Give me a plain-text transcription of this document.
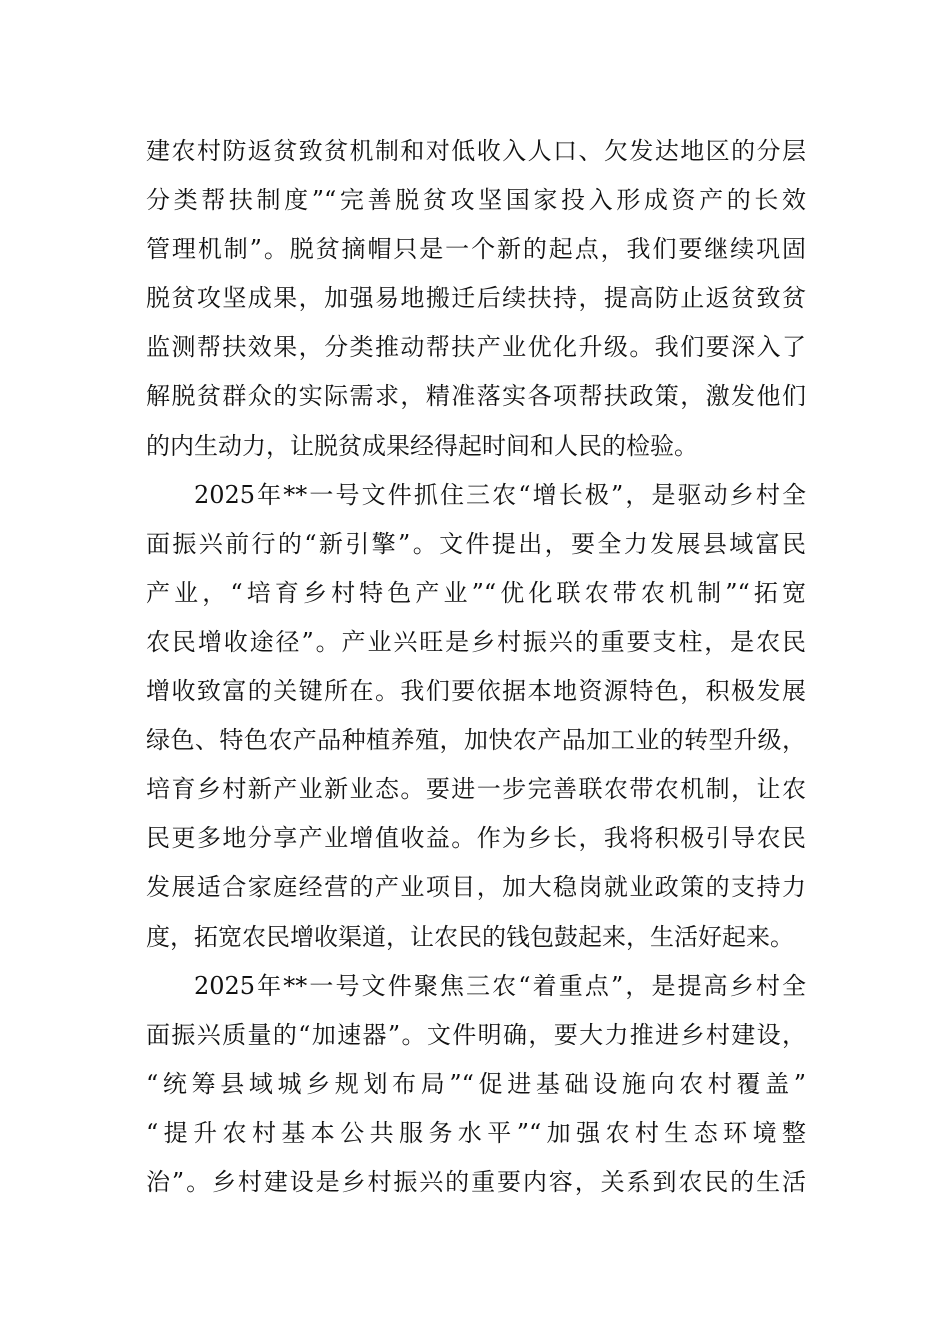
建农村防返贫致贫机制和对低收入人口、欠发达地区的分层
分类帮扶制度”“完善脱贫攻坚国家投入形成资产的长效
管理机制”。脱贫摘帽只是一个新的起点，我们要继续巩固
脱贫攻坚成果，加强易地搬迁后续扶持，提高防止返贫致贫
监测帮扶效果，分类推动帮扶产业优化升级。我们要深入了
解脱贫群众的实际需求，精准落实各项帮扶政策，激发他们
的内生动力，让脱贫成果经得起时间和人民的检验。
2025年**一号文件抓住三农“增长极”，是驱动乡村全
面振兴前行的“新引擎”。文件提出，要全力发展县域富民
产业，“培育乡村特色产业”“优化联农带农机制”“拓宽
农民增收途径”。产业兴旺是乡村振兴的重要支柱，是农民
增收致富的关键所在。我们要依据本地资源特色，积极发展
绿色、特色农产品种植养殖，加快农产品加工业的转型升级，
培育乡村新产业新业态。要进一步完善联农带农机制，让农
民更多地分享产业增值收益。作为乡长，我将积极引导农民
发展适合家庭经营的产业项目，加大稳岗就业政策的支持力
度，拓宽农民增收渠道，让农民的钱包鼓起来，生活好起来。
2025年**一号文件聚焦三农“着重点”，是提高乡村全
面振兴质量的“加速器”。文件明确，要大力推进乡村建设，
“统筹县域城乡规划布局”“促进基础设施向农村覆盖”
“提升农村基本公共服务水平”“加强农村生态环境整
治”。乡村建设是乡村振兴的重要内容，关系到农民的生活
